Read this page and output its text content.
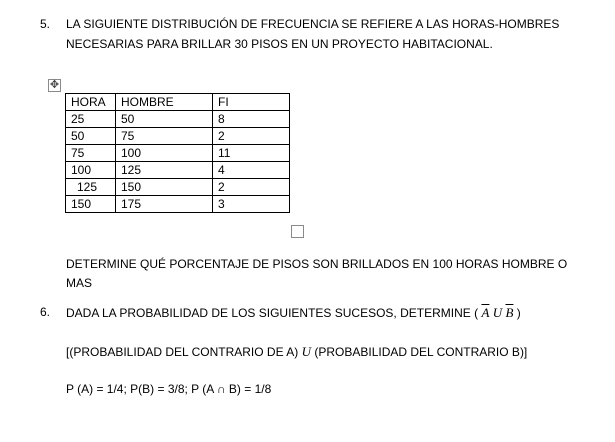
5. LA SIGUIENTE DISTRIBUCIÓN DE FRECUENCIA SE REFIERE A LAS HORAS-HOMBRES
NECESARIAS PARA BRILLAR 30 PISOS EN UN PROYECTO HABITACIONAL.
✥
HORA	HOMBRE	FI
25	50	8
50	75	2
75	100	11
100	125	4
125	150	2
150	175	3
DETERMINE QUÉ PORCENTAJE DE PISOS SON BRILLADOS EN 100 HORAS HOMBRE O
MAS
6. DADA LA PROBABILIDAD DE LOS SIGUIENTES SUCESOS, DETERMINE ( $\overline{A}$ U $\overline{B}$ )
[(PROBABILIDAD DEL CONTRARIO DE A) U (PROBABILIDAD DEL CONTRARIO B)]
P (A) = 1/4; P(B) = 3/8; P (A ∩ B) = 1/8
